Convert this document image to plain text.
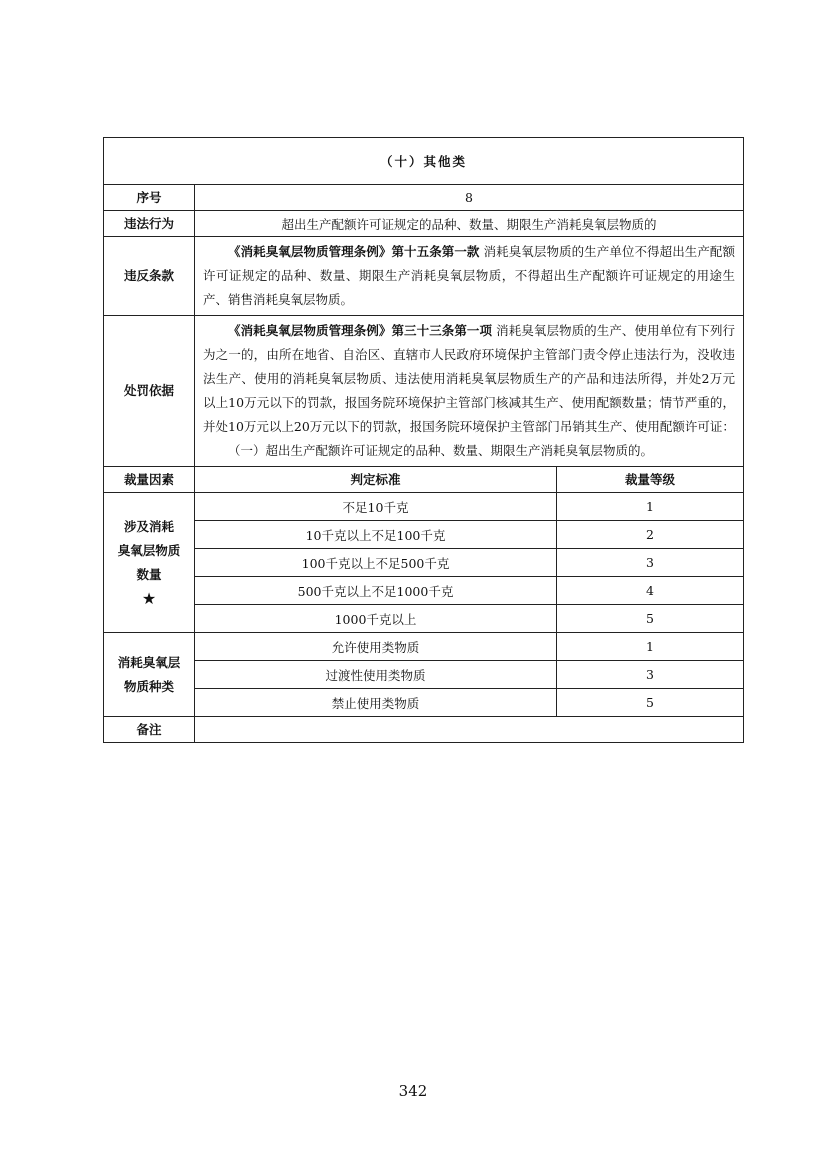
（十）其他类		
序号	8	
违法行为	超出生产配额许可证规定的品种、数量、期限生产消耗臭氧层物质的	
违反条款	《消耗臭氧层物质管理条例》第十五条第一款 消耗臭氧层物质的生产单位不得超出生产配额许可证规定的品种、数量、期限生产消耗臭氧层物质，不得超出生产配额许可证规定的用途生产、销售消耗臭氧层物质。	

处罚依据	《消耗臭氧层物质管理条例》第三十三条第一项 消耗臭氧层物质的生产、使用单位有下列行为之一的，由所在地省、自治区、直辖市人民政府环境保护主管部门责令停止违法行为，没收违法生产、使用的消耗臭氧层物质、违法使用消耗臭氧层物质生产的产品和违法所得，并处2万元以上10万元以下的罚款，报国务院环境保护主管部门核减其生产、使用配额数量；情节严重的，并处10万元以上20万元以下的罚款，报国务院环境保护主管部门吊销其生产、使用配额许可证：
（一）超出生产配额许可证规定的品种、数量、期限生产消耗臭氧层物质的。	

裁量因素	判定标准	裁量等级

涉及消耗
臭氧层物质
数量
★	不足10千克	1
	10千克以上不足100千克	2
	100千克以上不足500千克	3
	500千克以上不足1000千克	4
	1000千克以上	5

消耗臭氧层
物质种类	允许使用类物质	1
	过渡性使用类物质	3
	禁止使用类物质	5
备注		
342
